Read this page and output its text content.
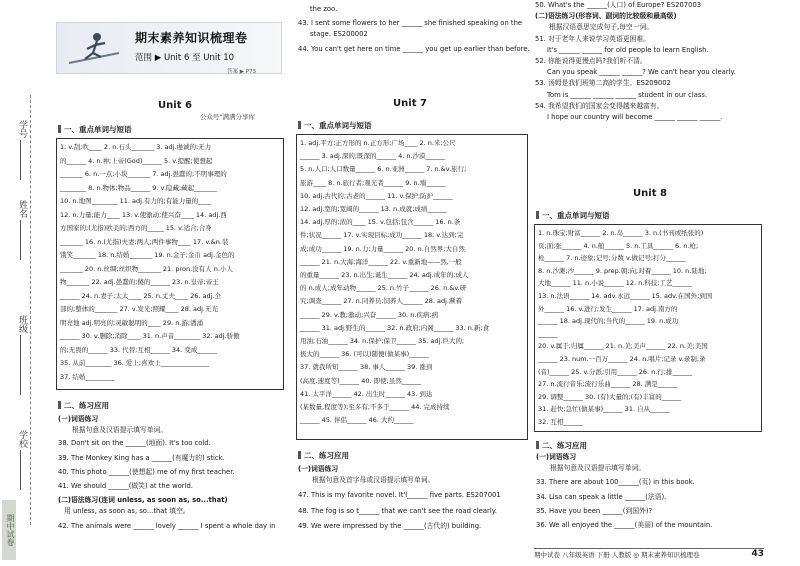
学号
姓名
班级
学校
期中试卷
期末素养知识梳理卷
范围 ▶ Unit 6 至 Unit 10
答案 ▶ P73
Unit 6
公众号"满满分享库
一、重点单词与短语
1. v.刮;吹____ 2. n.石头_______ 3. adj.虔诚的;无力
的______ 4. n.神;上帝(God)______ 5. v.提醒;使想起
_______ 6. n.一点;小块_______ 7. adj.愚蠢的;不明事理的
________ 8. n.物体;物品______ 9. v.隐藏;藏起_______
10. n.地图________ 11. adj.有力的;有能力量的____
12. n.力量;能力____ 13. v.使激动;使兴奋____ 14. adj.西
方国家的;(尤指)欧美的;西方的_____ 15. v.适合;合身
_______ 16. n.(尤指)夫妻;两人;两件事物____ 17. v.&n.装
饿笑_______ 18. n.结婚_______ 19. n.金子;金币 adj.金色的
_______ 20. n.丝绸;丝织物_______ 21. pron.没有人 n.小人
物_______ 22. adj.愚蠢的;傻的______ 23. n.皇帝;帝王
______ 24. n.妻子;太太____ 25. n.丈夫____ 26. adj.全
部的;整体的_______ 27. v.发光;照耀____ 28. adj.无光
明亮地 adj.明亮的;灵敏聪明的____ 29. n.游;潘涌
______ 30. v.删除;消除____ 31. n.声音________ 32. adj.骄傲
的;无畏的______ 33. 代替;互相______ 34. 变成______
35. 从前________ 36. 爱上;喜欢上_______________
37. 结婚_________
二、练习应用
(一)词语练习
根据句意及汉语提示填写单词。
38. Don't sit on the ______(地面). It's too cold.
39. The Monkey King has a ______(有魔力的) stick.
40. This photo ______(使想起) me of my first teacher.
41. We should ______(做笑) at the world.
(二)语法练习(连词 unless, as soon as, so...that)
用 unless, as soon as, so...that 填空。
42. The animals were ______ lovely ______ I spent a whole day in
the zoo.
43. I sent some flowers to her ______ she finished speaking on the
stage. ES200002
44. You can't get here on time ______ you get up earlier than before.
Unit 7
一、重点单词与短语
1. adj.平方;正方形的 n.正方形;广场____ 2. n.米;公尺
______ 3. adj.深的;既深的______ 4. n.沙漠______
5. n.人口;人口数量______ 6. n.亚洲______ 7. n.&v.旅行;
旅游____ 8. n.旅行者;观光者______ 9. n.墙______
10. adj.古代的;古老的______ 11. v.保护;防护______
12. adj.宽的;宽阔的______ 13. n.成就;成绩______
14. adj.厚的;浓的____ 15. v.包括;包含______ 16. n.条
件;状况______ 17. v.实现目标;成功______ 18. v.达到;完
成;成功______ 19. n.力;力量______ 20. n.自然界;大自然
______ 21. n.大海;海洋______ 22. v.重新地——然,一般
的重量______ 23. n.出生;诞生______ 24. adj.成年的;成人
的 n.成人;成年动物______ 25. n.竹子______ 26. n.&v.研
究;调查______ 27. n.同养员;饲养人______ 28. adj.濒着
______ 29. v.教;激动;兴奋______ 30. n.疾病;病
______ 31. adj.野生的______ 32. n.政府;内阁______ 33. n.新;食
用油;石油______ 34. n.保护;保卫______ 35. adj.巨大的;
极大的______ 36. (可以)随便(做某事)______
37. 就我所知______ 38. 事人______ 39. 涨到
(高度,速度等)______ 40. 即使;虽然______
41. 太平洋______ 42. 出生时______ 43. 到达
(某数量,程度等);至多有;不多于______ 44. 完成持续
______ 45. 伴侣______ 46. 大约______
二、练习应用
(一)词语练习
根据句意及首字母或汉语提示填写单词。
47. This is my favorite novel. It'l______ five parts. ES207001
48. The fog is so t______ that we can't see the road clearly.
49. We were impressed by the ______(古代的) building.
50. What's the ______(人口) of Europe? ES207003
(二)语法练习(形容词、副词的比较级和最高级)
根据汉语意思完成句子,每空一词。
51. 对于老年人来说学习英语更困难。
It's ______ ______ for old people to learn English.
52. 你能说得更慢点吗?我们听不清。
Can you speak ______ ______? We can't hear you clearly.
53. 汤姆是我们班第二高的学生。ES209002
Tom is ______ ______ ______ student in our class.
54. 我希望我们的国家会变得越来越富有。
I hope our country will become ______ ______ ______.
Unit 8
一、重点单词与短语
1. n.珠宝;财富______ 2. n.岛______ 3. n.(书刊或纸张的)
页;面;张______ 4. n.舶______ 5. n.工具______ 6. n.枪;
枪______ 7. n.迹象;记号;分数 v.做记号;打分______
8. n.沙滩;沙______ 9. prep.朝;向;对着______ 10. n.陆地;
大地______ 11. n.小说______ 12. n.科技;工艺______
13. n.法语______ 14. adv.永远______ 15. adv.在国外;到国
外______ 16. v.进行;发生______ 17. adj.南方的
______ 18. adj.现代的;当代的______ 19. n.成功
______
20. v.属于;归属______ 21. n.美;美声______ 22. n.美;美国
______ 23. num.一百万______ 24. n.唱片;记录 v.录制;录
(音)______ 25. v.分派;引用______ 26. n.行;排______
27. n.流行音乐;流行乐曲______ 28. 满是______
29. 调整______ 30. (有)大量的;(有)丰富的______
31. 赶快;急忙(做某事)______ 31. 自从______
32. 互相______
二、练习应用
(一)词语练习
根据句意及汉语提示填写单词。
33. There are about 100______(页) in this book.
34. Lisa can speak a little ______(法语).
35. Have you been ______(到国外)?
36. We all enjoyed the ______(美丽) of the mountain.
期中试卷 八年级英语 下册 人教版 ◎ 期末素养知识梳理卷	43
